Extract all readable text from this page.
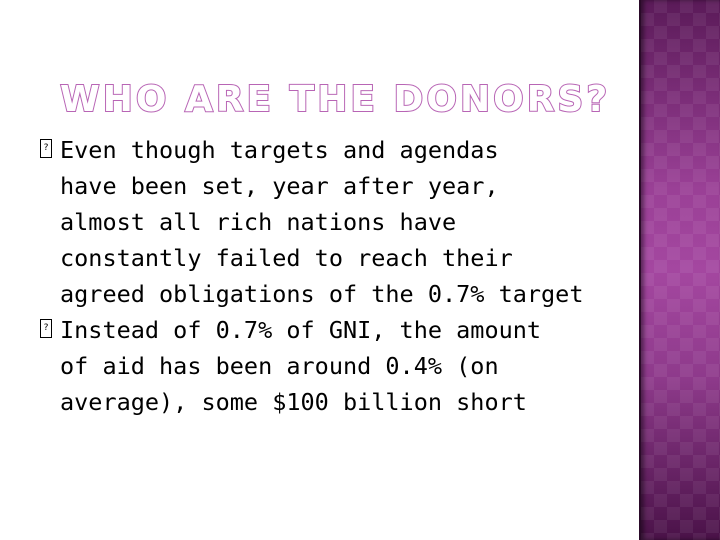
WHO ARE THE DONORS?
? Even though targets and agendas
have been set, year after year,
almost all rich nations have
constantly failed to reach their
agreed obligations of the 0.7% target
? Instead of 0.7% of GNI, the amount
of aid has been around 0.4% (on
average), some $100 billion short
